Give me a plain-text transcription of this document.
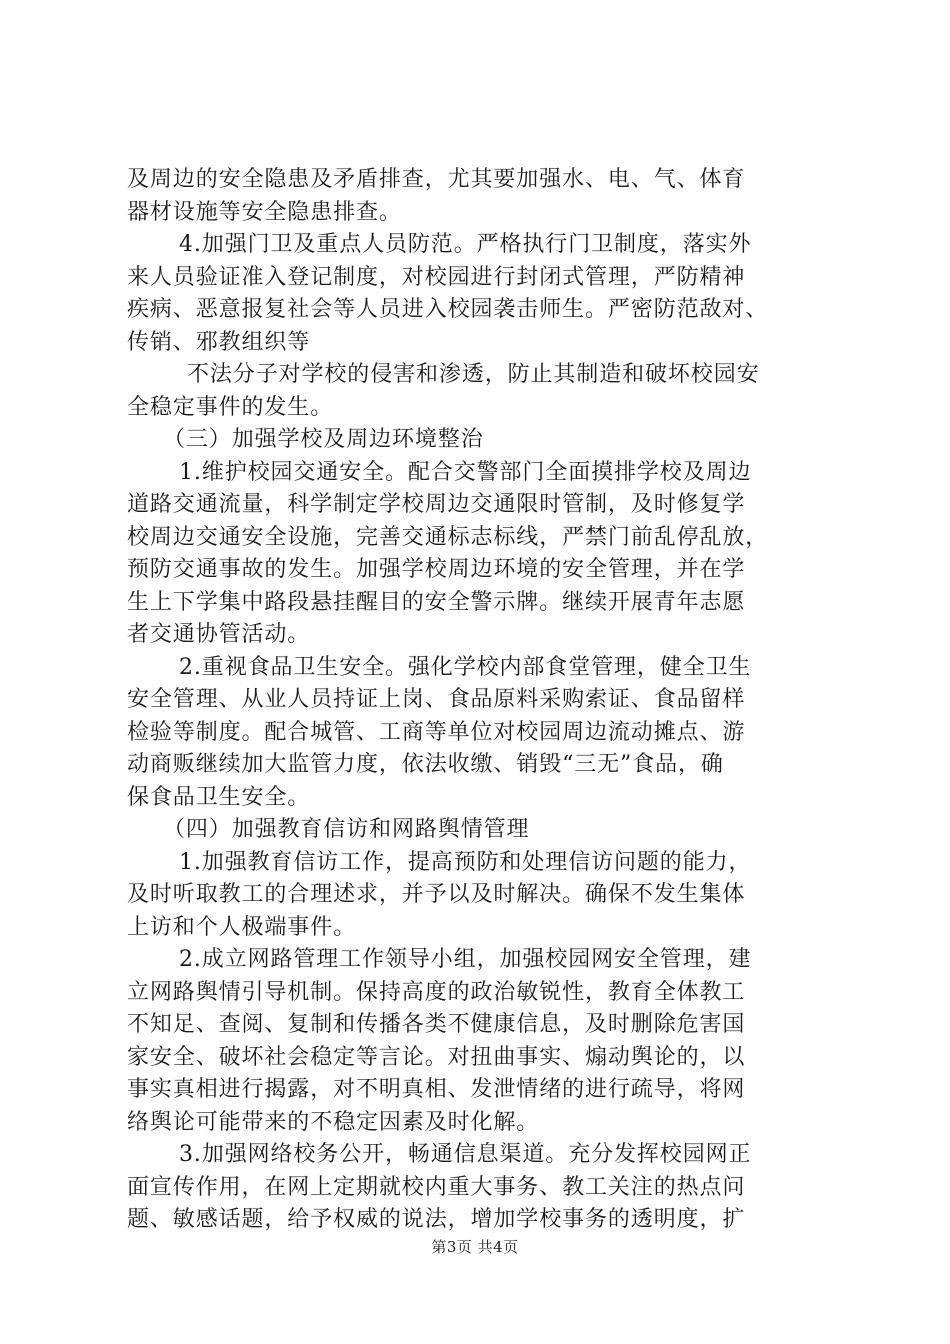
及周边的安全隐患及矛盾排查，尤其要加强水、电、气、体育
器材设施等安全隐患排查。
4.加强门卫及重点人员防范。严格执行门卫制度，落实外
来人员验证准入登记制度，对校园进行封闭式管理，严防精神
疾病、恶意报复社会等人员进入校园袭击师生。严密防范敌对、
传销、邪教组织等
不法分子对学校的侵害和渗透，防止其制造和破坏校园安
全稳定事件的发生。
（三）加强学校及周边环境整治
1.维护校园交通安全。配合交警部门全面摸排学校及周边
道路交通流量，科学制定学校周边交通限时管制，及时修复学
校周边交通安全设施，完善交通标志标线，严禁门前乱停乱放，
预防交通事故的发生。加强学校周边环境的安全管理，并在学
生上下学集中路段悬挂醒目的安全警示牌。继续开展青年志愿
者交通协管活动。
2.重视食品卫生安全。强化学校内部食堂管理，健全卫生
安全管理、从业人员持证上岗、食品原料采购索证、食品留样
检验等制度。配合城管、工商等单位对校园周边流动摊点、游
动商贩继续加大监管力度，依法收缴、销毁“三无”食品，确
保食品卫生安全。
（四）加强教育信访和网路舆情管理
1.加强教育信访工作，提高预防和处理信访问题的能力，
及时听取教工的合理述求，并予以及时解决。确保不发生集体
上访和个人极端事件。
2.成立网路管理工作领导小组，加强校园网安全管理，建
立网路舆情引导机制。保持高度的政治敏锐性，教育全体教工
不知足、查阅、复制和传播各类不健康信息，及时删除危害国
家安全、破坏社会稳定等言论。对扭曲事实、煽动舆论的，以
事实真相进行揭露，对不明真相、发泄情绪的进行疏导，将网
络舆论可能带来的不稳定因素及时化解。
3.加强网络校务公开，畅通信息渠道。充分发挥校园网正
面宣传作用，在网上定期就校内重大事务、教工关注的热点问
题、敏感话题，给予权威的说法，增加学校事务的透明度，扩
第3页 共4页
